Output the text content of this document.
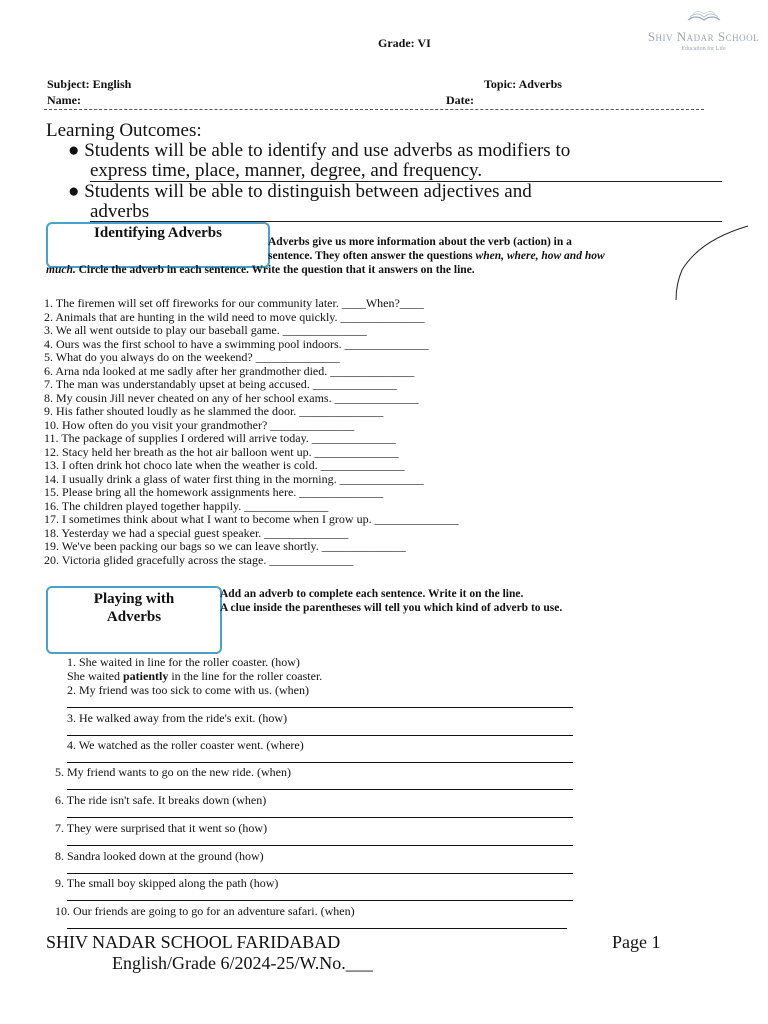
Grade: VI	Shiv Nadar School
Education for Life
Subject: English	Topic: Adverbs
Name:	Date:
Learning Outcomes:
● Students will be able to identify and use adverbs as modifiers to
express time, place, manner, degree, and frequency.
● Students will be able to distinguish between adjectives and
adverbs
Identifying Adverbs
Adverbs give us more information about the verb (action) in a
sentence. They often answer the questions when, where, how and how
much. Circle the adverb in each sentence. Write the question that it answers on the line.
1. The firemen will set off fireworks for our community later. ____When?____
2. Animals that are hunting in the wild need to move quickly. ______________
3. We all went outside to play our baseball game. ______________
4. Ours was the first school to have a swimming pool indoors. ______________
5. What do you always do on the weekend? ______________
6. Arna nda looked at me sadly after her grandmother died. ______________
7. The man was understandably upset at being accused. ______________
8. My cousin Jill never cheated on any of her school exams. ______________
9. His father shouted loudly as he slammed the door. ______________
10. How often do you visit your grandmother? ______________
11. The package of supplies I ordered will arrive today. ______________
12. Stacy held her breath as the hot air balloon went up. ______________
13. I often drink hot choco late when the weather is cold. ______________
14. I usually drink a glass of water first thing in the morning. ______________
15. Please bring all the homework assignments here. ______________
16. The children played together happily. ______________
17. I sometimes think about what I want to become when I grow up. ______________
18. Yesterday we had a special guest speaker. ______________
19. We've been packing our bags so we can leave shortly. ______________
20. Victoria glided gracefully across the stage. ______________
Playing with
Adverbs
Add an adverb to complete each sentence. Write it on the line.
A clue inside the parentheses will tell you which kind of adverb to use.
1. She waited in line for the roller coaster. (how)
She waited patiently in the line for the roller coaster.
2. My friend was too sick to come with us. (when)
3. He walked away from the ride's exit. (how)
4. We watched as the roller coaster went. (where)
5. My friend wants to go on the new ride. (when)
6. The ride isn't safe. It breaks down (when)
7. They were surprised that it went so (how)
8. Sandra looked down at the ground (how)
9. The small boy skipped along the path (how)
10. Our friends are going to go for an adventure safari. (when)
SHIV NADAR SCHOOL FARIDABAD	Page 1
English/Grade 6/2024-25/W.No.___
